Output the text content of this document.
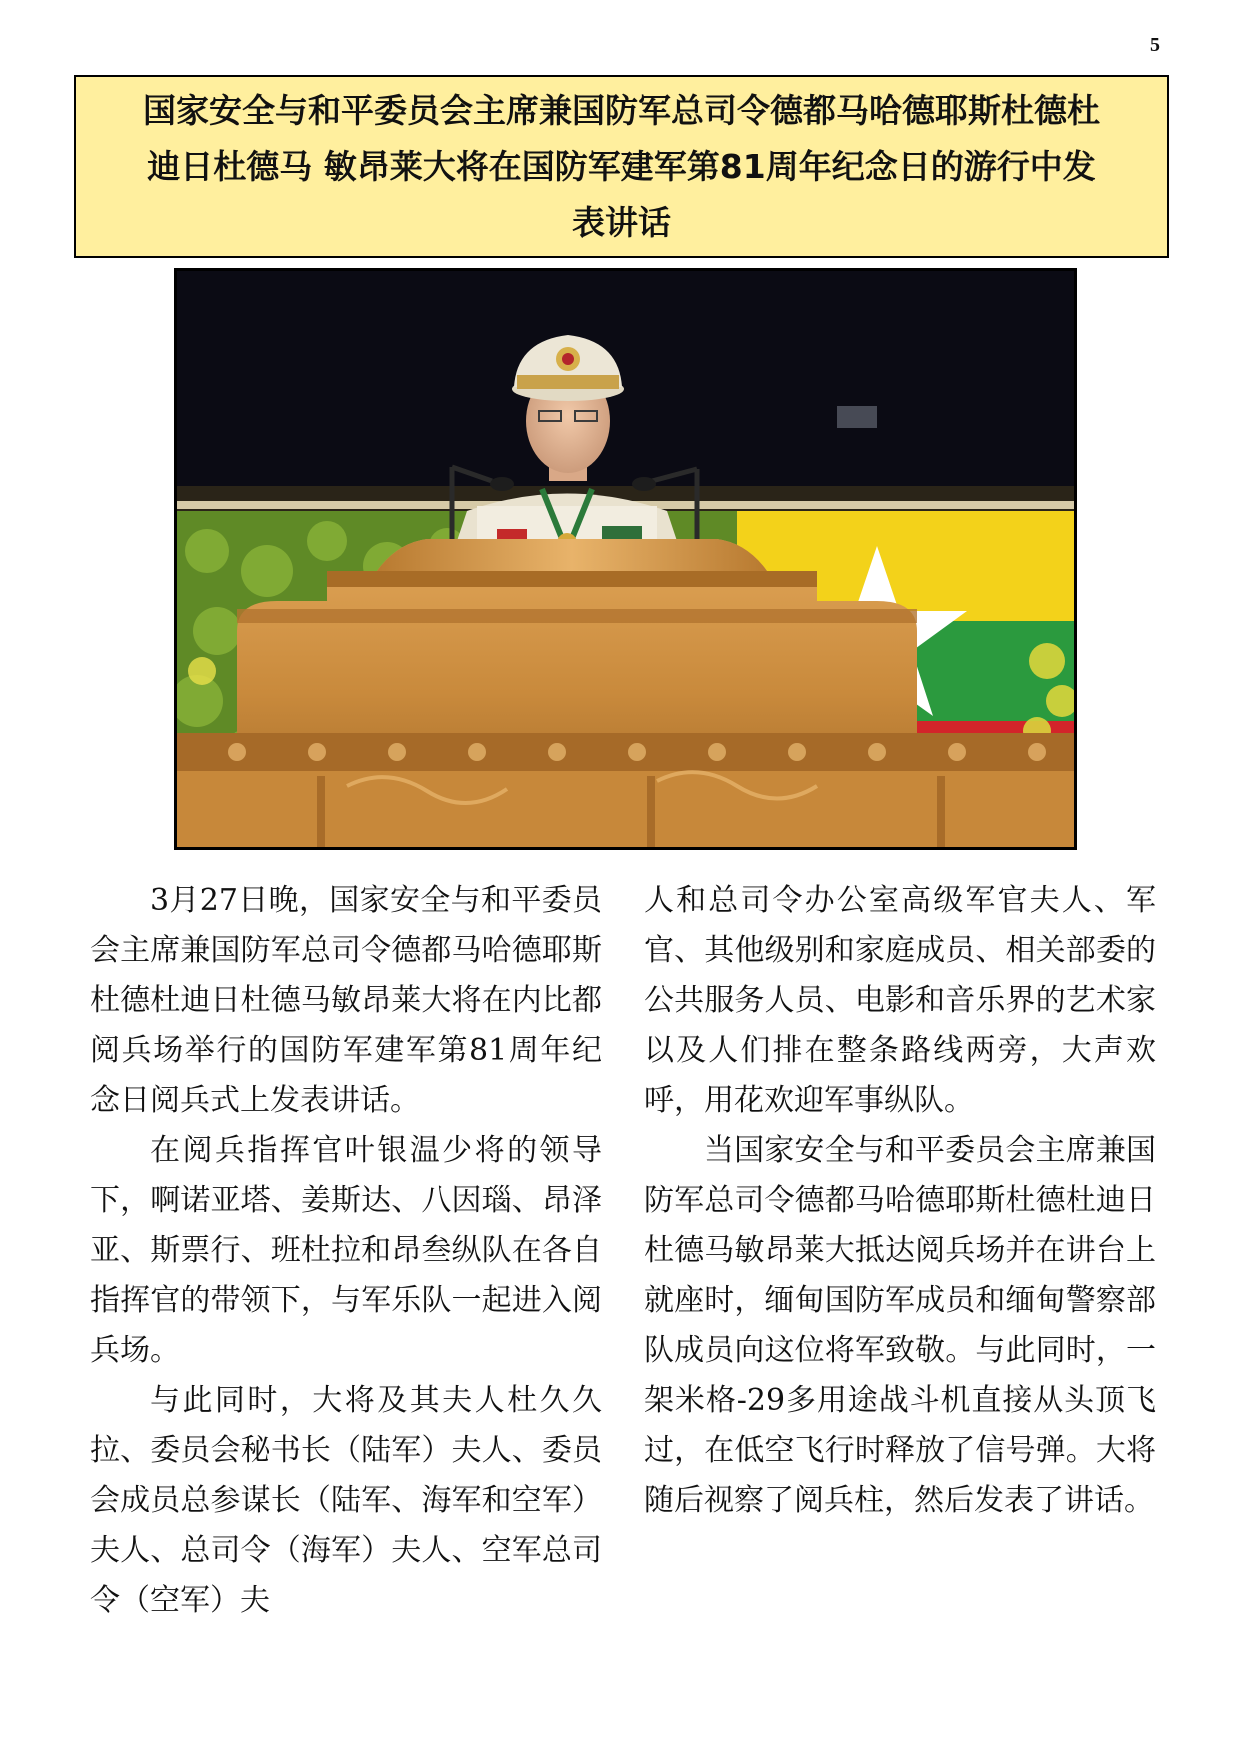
5
国家安全与和平委员会主席兼国防军总司令德都马哈德耶斯杜德杜
迪日杜德马 敏昂莱大将在国防军建军第81周年纪念日的游行中发
表讲话

3月27日晚，国家安全与和平委员会主席兼国防军总司令德都马哈德耶斯杜德杜迪日杜德马敏昂莱大将在内比都阅兵场举行的国防军建军第81周年纪念日阅兵式上发表讲话。

在阅兵指挥官叶银温少将的领导下，啊诺亚塔、姜斯达、八因瑙、昂泽亚、斯票行、班杜拉和昂叁纵队在各自指挥官的带领下，与军乐队一起进入阅兵场。

与此同时，大将及其夫人杜久久拉、委员会秘书长（陆军）夫人、委员会成员总参谋长（陆军、海军和空军）夫人、总司令（海军）夫人、空军总司令（空军）夫

人和总司令办公室高级军官夫人、军官、其他级别和家庭成员、相关部委的公共服务人员、电影和音乐界的艺术家以及人们排在整条路线两旁，大声欢呼，用花欢迎军事纵队。

当国家安全与和平委员会主席兼国防军总司令德都马哈德耶斯杜德杜迪日杜德马敏昂莱大抵达阅兵场并在讲台上就座时，缅甸国防军成员和缅甸警察部队成员向这位将军致敬。与此同时，一架米格-29多用途战斗机直接从头顶飞过，在低空飞行时释放了信号弹。大将随后视察了阅兵柱，然后发表了讲话。
